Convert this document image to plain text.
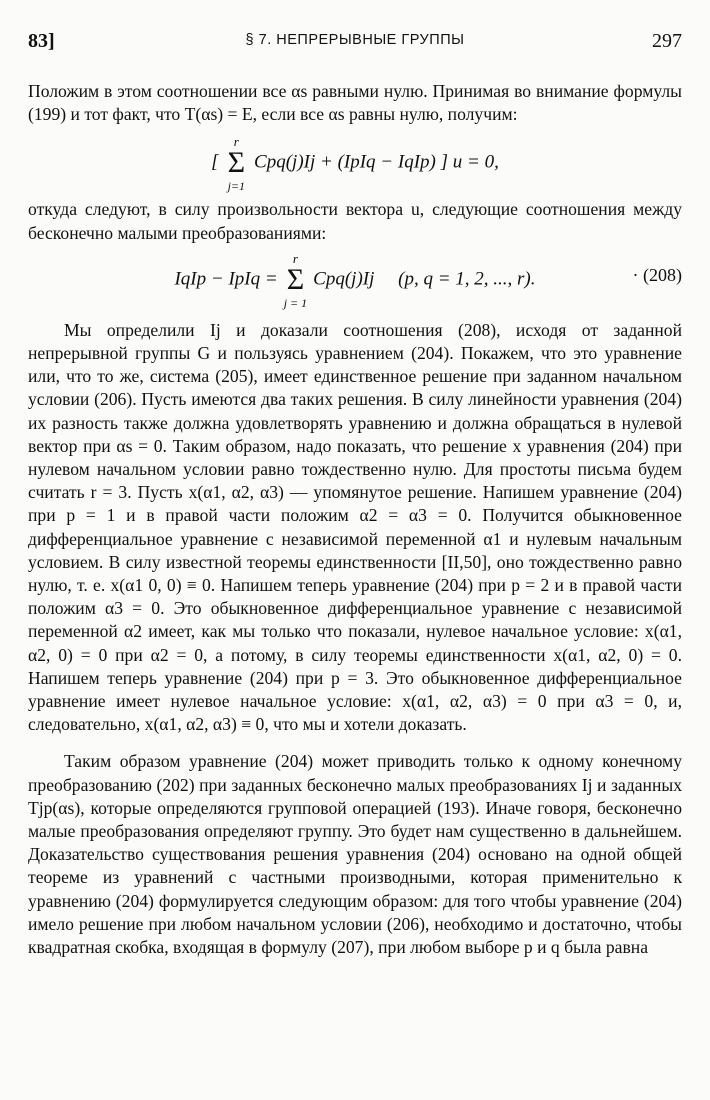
83]	§ 7. НЕПРЕРЫВНЫЕ ГРУППЫ	297

Положим в этом соотношении все αs равными нулю. Принимая во внимание формулы (199) и тот факт, что T(αs) = E, если все αs равны нулю, получим:

[
r
Σ
j=1
Cpq(j)Ij + (IpIq − IqIp) ] u = 0,

откуда следуют, в силу произвольности вектора u, следующие соотношения между бесконечно малыми преобразованиями:

IqIp − IpIq =
r
Σ
j = 1
Cpq(j)Ij (p, q = 1, 2, ..., r).	· (208)

Мы определили Ij и доказали соотношения (208), исходя от заданной непрерывной группы G и пользуясь уравнением (204). Покажем, что это уравнение или, что то же, система (205), имеет единственное решение при заданном начальном условии (206). Пусть имеются два таких решения. В силу линейности уравнения (204) их разность также должна удовлетворять уравнению и должна обращаться в нулевой вектор при αs = 0. Таким образом, надо показать, что решение x уравнения (204) при нулевом начальном условии равно тождественно нулю. Для простоты письма будем считать r = 3. Пусть x(α1, α2, α3) — упомянутое решение. Напишем уравнение (204) при p = 1 и в правой части положим α2 = α3 = 0. Получится обыкновенное дифференциальное уравнение с независимой переменной α1 и нулевым начальным условием. В силу известной теоремы единственности [II,50], оно тождественно равно нулю, т. е. x(α1 0, 0) ≡ 0. Напишем теперь уравнение (204) при p = 2 и в правой части положим α3 = 0. Это обыкновенное дифференциальное уравнение с независимой переменной α2 имеет, как мы только что показали, нулевое начальное условие: x(α1, α2, 0) = 0 при α2 = 0, а потому, в силу теоремы единственности x(α1, α2, 0) = 0. Напишем теперь уравнение (204) при p = 3. Это обыкновенное дифференциальное уравнение имеет нулевое начальное условие: x(α1, α2, α3) = 0 при α3 = 0, и, следовательно, x(α1, α2, α3) ≡ 0, что мы и хотели доказать.

Таким образом уравнение (204) может приводить только к одному конечному преобразованию (202) при заданных бесконечно малых преобразованиях Ij и заданных Tjp(αs), которые определяются групповой операцией (193). Иначе говоря, бесконечно малые преобразования определяют группу. Это будет нам существенно в дальнейшем. Доказательство существования решения уравнения (204) основано на одной общей теореме из уравнений с частными производными, которая применительно к уравнению (204) формулируется следующим образом: для того чтобы уравнение (204) имело решение при любом начальном условии (206), необходимо и достаточно, чтобы квадратная скобка, входящая в формулу (207), при любом выборе p и q была равна
